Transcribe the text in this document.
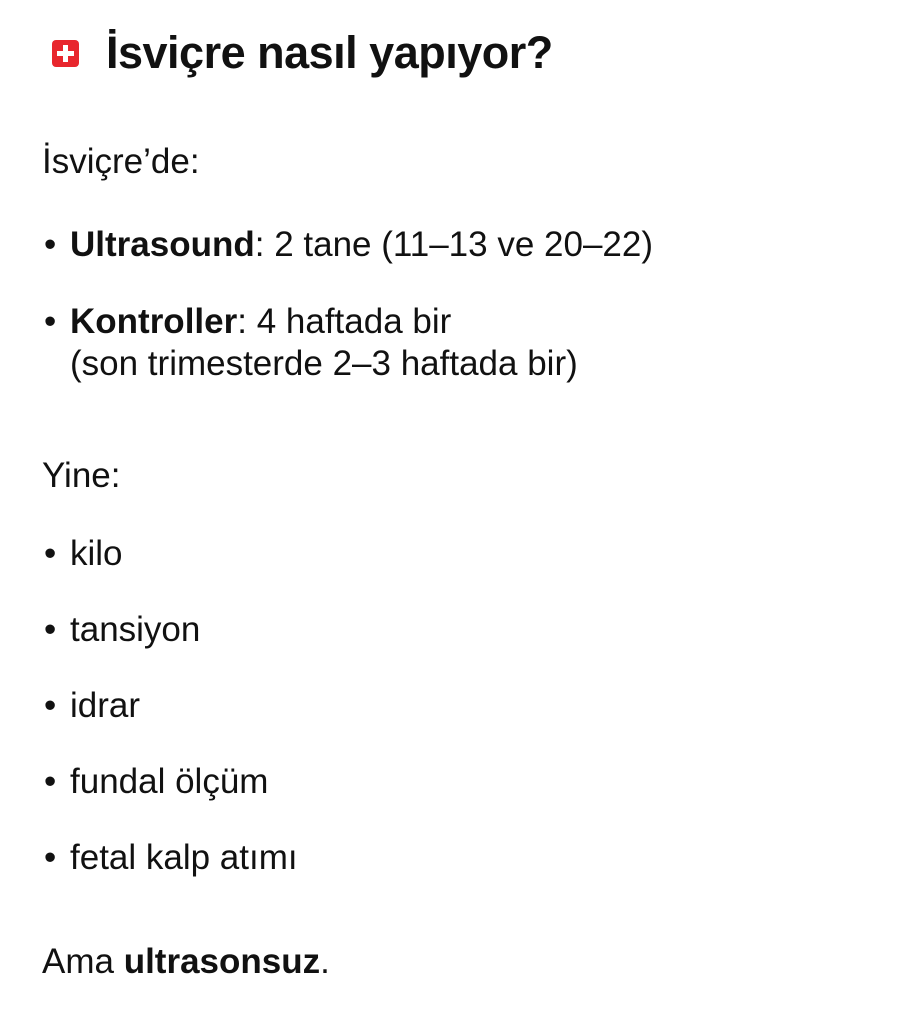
İsviçre nasıl yapıyor?
İsviçre’de:
• Ultrasound: 2 tane (11–13 ve 20–22)
• Kontroller: 4 haftada bir
(son trimesterde 2–3 haftada bir)
Yine:
• kilo
• tansiyon
• idrar
• fundal ölçüm
• fetal kalp atımı
Ama ultrasonsuz.
